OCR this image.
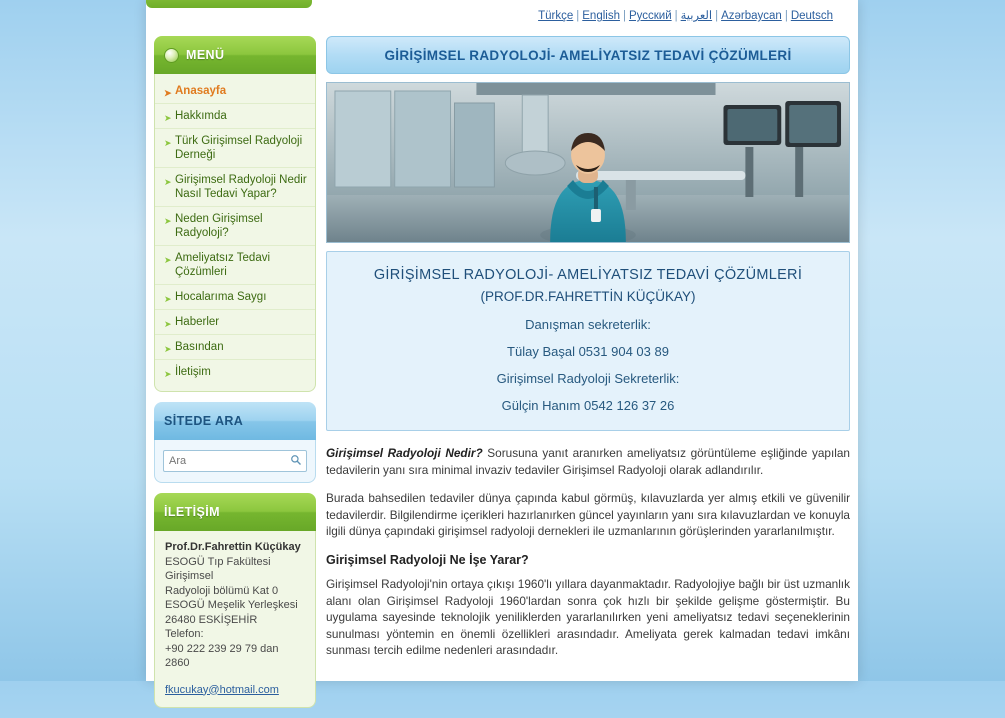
Türkçe | English | Русский | العربية | Azərbaycan | Deutsch
MENÜ
➤ Anasayfa
➤ Hakkımda
➤ Türk Girişimsel Radyoloji Derneği
➤ Girişimsel Radyoloji Nedir Nasıl Tedavi Yapar?
➤ Neden Girişimsel Radyoloji?
➤ Ameliyatsız Tedavi Çözümleri
➤ Hocalarıma Saygı
➤ Haberler
➤ Basından
➤ İletişim
SİTEDE ARA
Ara
İLETİŞİM
Prof.Dr.Fahrettin Küçükay
ESOGÜ Tıp Fakültesi Girişimsel
Radyoloji bölümü Kat 0
ESOGÜ Meşelik Yerleşkesi
26480 ESKİŞEHİR
Telefon:
+90 222 239 29 79 dan 2860
fkucukay@hotmail.com
GİRİŞİMSEL RADYOLOJİ- AMELİYATSIZ TEDAVİ ÇÖZÜMLERİ
GİRİŞİMSEL RADYOLOJİ- AMELİYATSIZ TEDAVİ ÇÖZÜMLERİ
(PROF.DR.FAHRETTİN KÜÇÜKAY)
Danışman sekreterlik:
Tülay Başal 0531 904 03 89
Girişimsel Radyoloji Sekreterlik:
Gülçin Hanım 0542 126 37 26

Girişimsel Radyoloji Nedir? Sorusuna yanıt aranırken ameliyatsız görüntüleme eşliğinde yapılan tedavilerin yanı sıra minimal invaziv tedaviler Girişimsel Radyoloji olarak adlandırılır.

Burada bahsedilen tedaviler dünya çapında kabul görmüş, kılavuzlarda yer almış etkili ve güvenilir tedavilerdir. Bilgilendirme içerikleri hazırlanırken güncel yayınların yanı sıra kılavuzlardan ve konuyla ilgili dünya çapındaki girişimsel radyoloji dernekleri ile uzmanlarının görüşlerinden yararlanılmıştır.

Girişimsel Radyoloji Ne İşe Yarar?

Girişimsel Radyoloji'nin ortaya çıkışı 1960'lı yıllara dayanmaktadır. Radyolojiye bağlı bir üst uzmanlık alanı olan Girişimsel Radyoloji 1960'lardan sonra çok hızlı bir şekilde gelişme göstermiştir. Bu uygulama sayesinde teknolojik yeniliklerden yararlanılırken yeni ameliyatsız tedavi seçeneklerinin sunulması yöntemin en önemli özellikleri arasındadır. Ameliyata gerek kalmadan tedavi imkânı sunması tercih edilme nedenleri arasındadır.
